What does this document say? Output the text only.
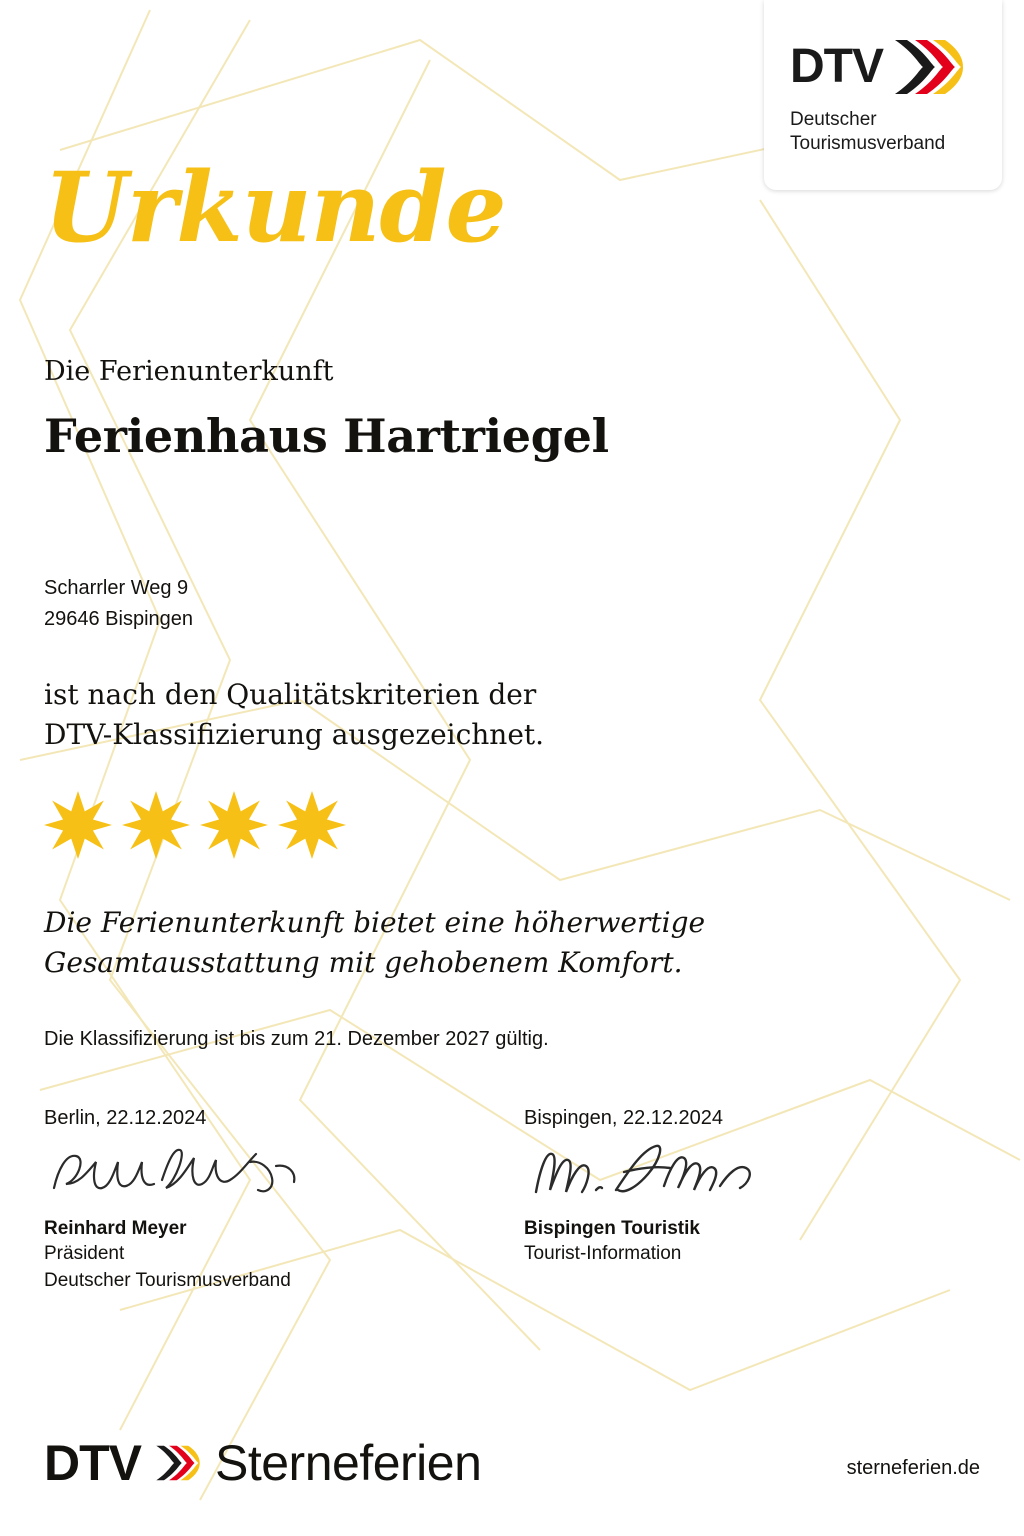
DTV
Deutscher
Tourismusverband
Urkunde
Die Ferienunterkunft
Ferienhaus Hartriegel
Scharrler Weg 9
29646 Bispingen
ist nach den Qualitätskriterien der
DTV-Klassifizierung ausgezeichnet.
Die Ferienunterkunft bietet eine höherwertige
Gesamtausstattung mit gehobenem Komfort.
Die Klassifizierung ist bis zum 21. Dezember 2027 gültig.
Berlin, 22.12.2024
Reinhard Meyer
Präsident
Deutscher Tourismusverband
Bispingen, 22.12.2024
Bispingen Touristik
Tourist-Information
DTV Sterneferien	sterneferien.de
